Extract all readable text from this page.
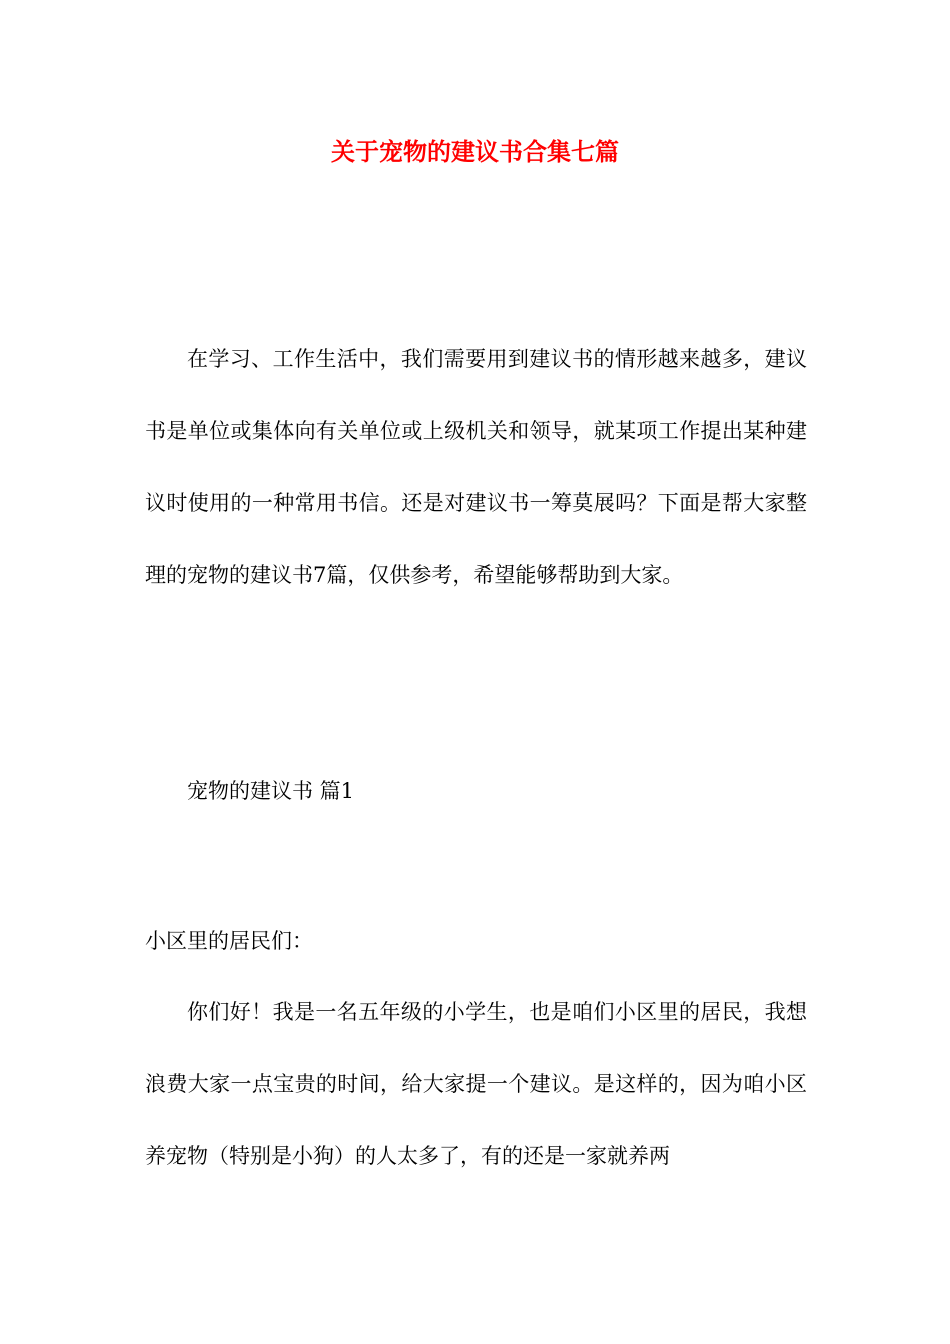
关于宠物的建议书合集七篇

在学习、工作生活中，我们需要用到建议书的情形越来越多，建议书是单位或集体向有关单位或上级机关和领导，就某项工作提出某种建议时使用的一种常用书信。还是对建议书一筹莫展吗？下面是帮大家整理的宠物的建议书7篇，仅供参考，希望能够帮助到大家。

宠物的建议书 篇1
小区里的居民们：

你们好！我是一名五年级的小学生，也是咱们小区里的居民，我想浪费大家一点宝贵的时间，给大家提一个建议。是这样的，因为咱小区养宠物（特别是小狗）的人太多了，有的还是一家就养两
